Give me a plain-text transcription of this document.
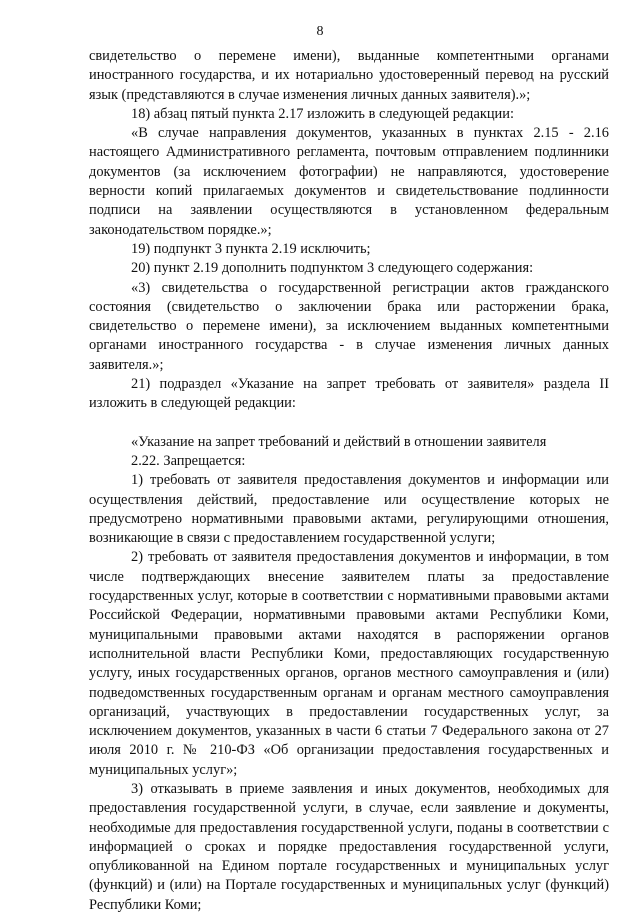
8

свидетельство о перемене имени), выданные компетентными органами иностранного государства, и их нотариально удостоверенный перевод на русский язык (представляются в случае изменения личных данных заявителя).»;

18) абзац пятый пункта 2.17 изложить в следующей редакции:

«В случае направления документов, указанных в пунктах 2.15 - 2.16 настоящего Административного регламента, почтовым отправлением подлинники документов (за исключением фотографии) не направляются, удостоверение верности копий прилагаемых документов и свидетельствование подлинности подписи на заявлении осуществляются в установленном федеральным законодательством порядке.»;

19) подпункт 3 пункта 2.19 исключить;

20) пункт 2.19 дополнить подпунктом 3 следующего содержания:

«3) свидетельства о государственной регистрации актов гражданского состояния (свидетельство о заключении брака или расторжении брака, свидетельство о перемене имени), за исключением выданных компетентными органами иностранного государства - в случае изменения личных данных заявителя.»;

21) подраздел «Указание на запрет требовать от заявителя» раздела II изложить в следующей редакции:

«Указание на запрет требований и действий в отношении заявителя

2.22. Запрещается:

1) требовать от заявителя предоставления документов и информации или осуществления действий, предоставление или осуществление которых не предусмотрено нормативными правовыми актами, регулирующими отношения, возникающие в связи с предоставлением государственной услуги;

2) требовать от заявителя предоставления документов и информации, в том числе подтверждающих внесение заявителем платы за предоставление государственных услуг, которые в соответствии с нормативными правовыми актами Российской Федерации, нормативными правовыми актами Республики Коми, муниципальными правовыми актами находятся в распоряжении органов исполнительной власти Республики Коми, предоставляющих государственную услугу, иных государственных органов, органов местного самоуправления и (или) подведомственных государственным органам и органам местного самоуправления организаций, участвующих в предоставлении государственных услуг, за исключением документов, указанных в части 6 статьи 7 Федерального закона от 27 июля 2010 г. № 210-ФЗ «Об организации предоставления государственных и муниципальных услуг»;

3) отказывать в приеме заявления и иных документов, необходимых для предоставления государственной услуги, в случае, если заявление и документы, необходимые для предоставления государственной услуги, поданы в соответствии с информацией о сроках и порядке предоставления государственной услуги, опубликованной на Едином портале государственных и муниципальных услуг (функций) и (или) на Портале государственных и муниципальных услуг (функций) Республики Коми;
